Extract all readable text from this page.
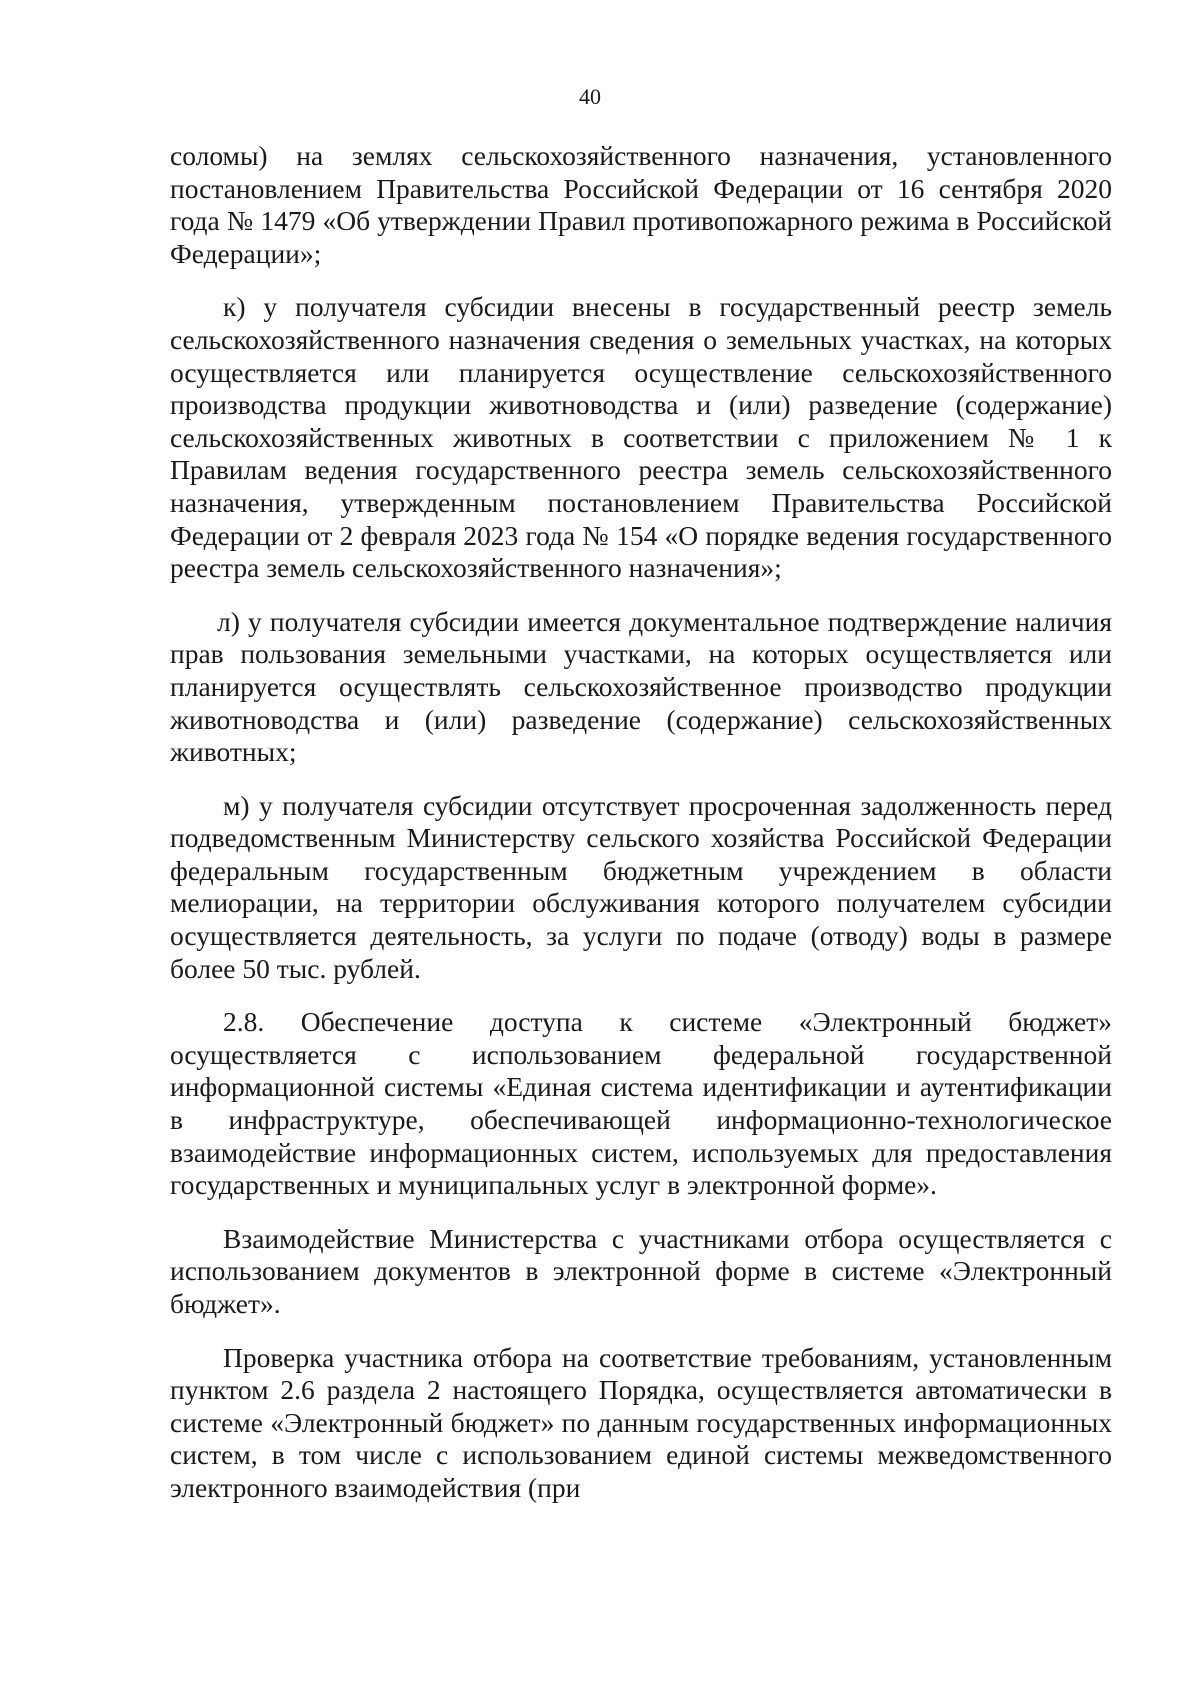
40

соломы) на землях сельскохозяйственного назначения, установленного постановлением Правительства Российской Федерации от 16 сентября 2020 года № 1479 «Об утверждении Правил противопожарного режима в Российской Федерации»;

к) у получателя субсидии внесены в государственный реестр земель сельскохозяйственного назначения сведения о земельных участках, на которых осуществляется или планируется осуществление сельскохозяйственного производства продукции животноводства и (или) разведение (содержание) сельскохозяйственных животных в соответствии с приложением № 1 к Правилам ведения государственного реестра земель сельскохозяйственного назначения, утвержденным постановлением Правительства Российской Федерации от 2 февраля 2023 года № 154 «О порядке ведения государственного реестра земель сельскохозяйственного назначения»;

л) у получателя субсидии имеется документальное подтверждение наличия прав пользования земельными участками, на которых осуществляется или планируется осуществлять сельскохозяйственное производство продукции животноводства и (или) разведение (содержание) сельскохозяйственных животных;

м) у получателя субсидии отсутствует просроченная задолженность перед подведомственным Министерству сельского хозяйства Российской Федерации федеральным государственным бюджетным учреждением в области мелиорации, на территории обслуживания которого получателем субсидии осуществляется деятельность, за услуги по подаче (отводу) воды в размере более 50 тыс. рублей.

2.8. Обеспечение доступа к системе «Электронный бюджет» осуществляется с использованием федеральной государственной информационной системы «Единая система идентификации и аутентификации в инфраструктуре, обеспечивающей информационно-технологическое взаимодействие информационных систем, используемых для предоставления государственных и муниципальных услуг в электронной форме».

Взаимодействие Министерства с участниками отбора осуществляется с использованием документов в электронной форме в системе «Электронный бюджет».

Проверка участника отбора на соответствие требованиям, установленным пунктом 2.6 раздела 2 настоящего Порядка, осуществляется автоматически в системе «Электронный бюджет» по данным государственных информационных систем, в том числе с использованием единой системы межведомственного электронного взаимодействия (при
